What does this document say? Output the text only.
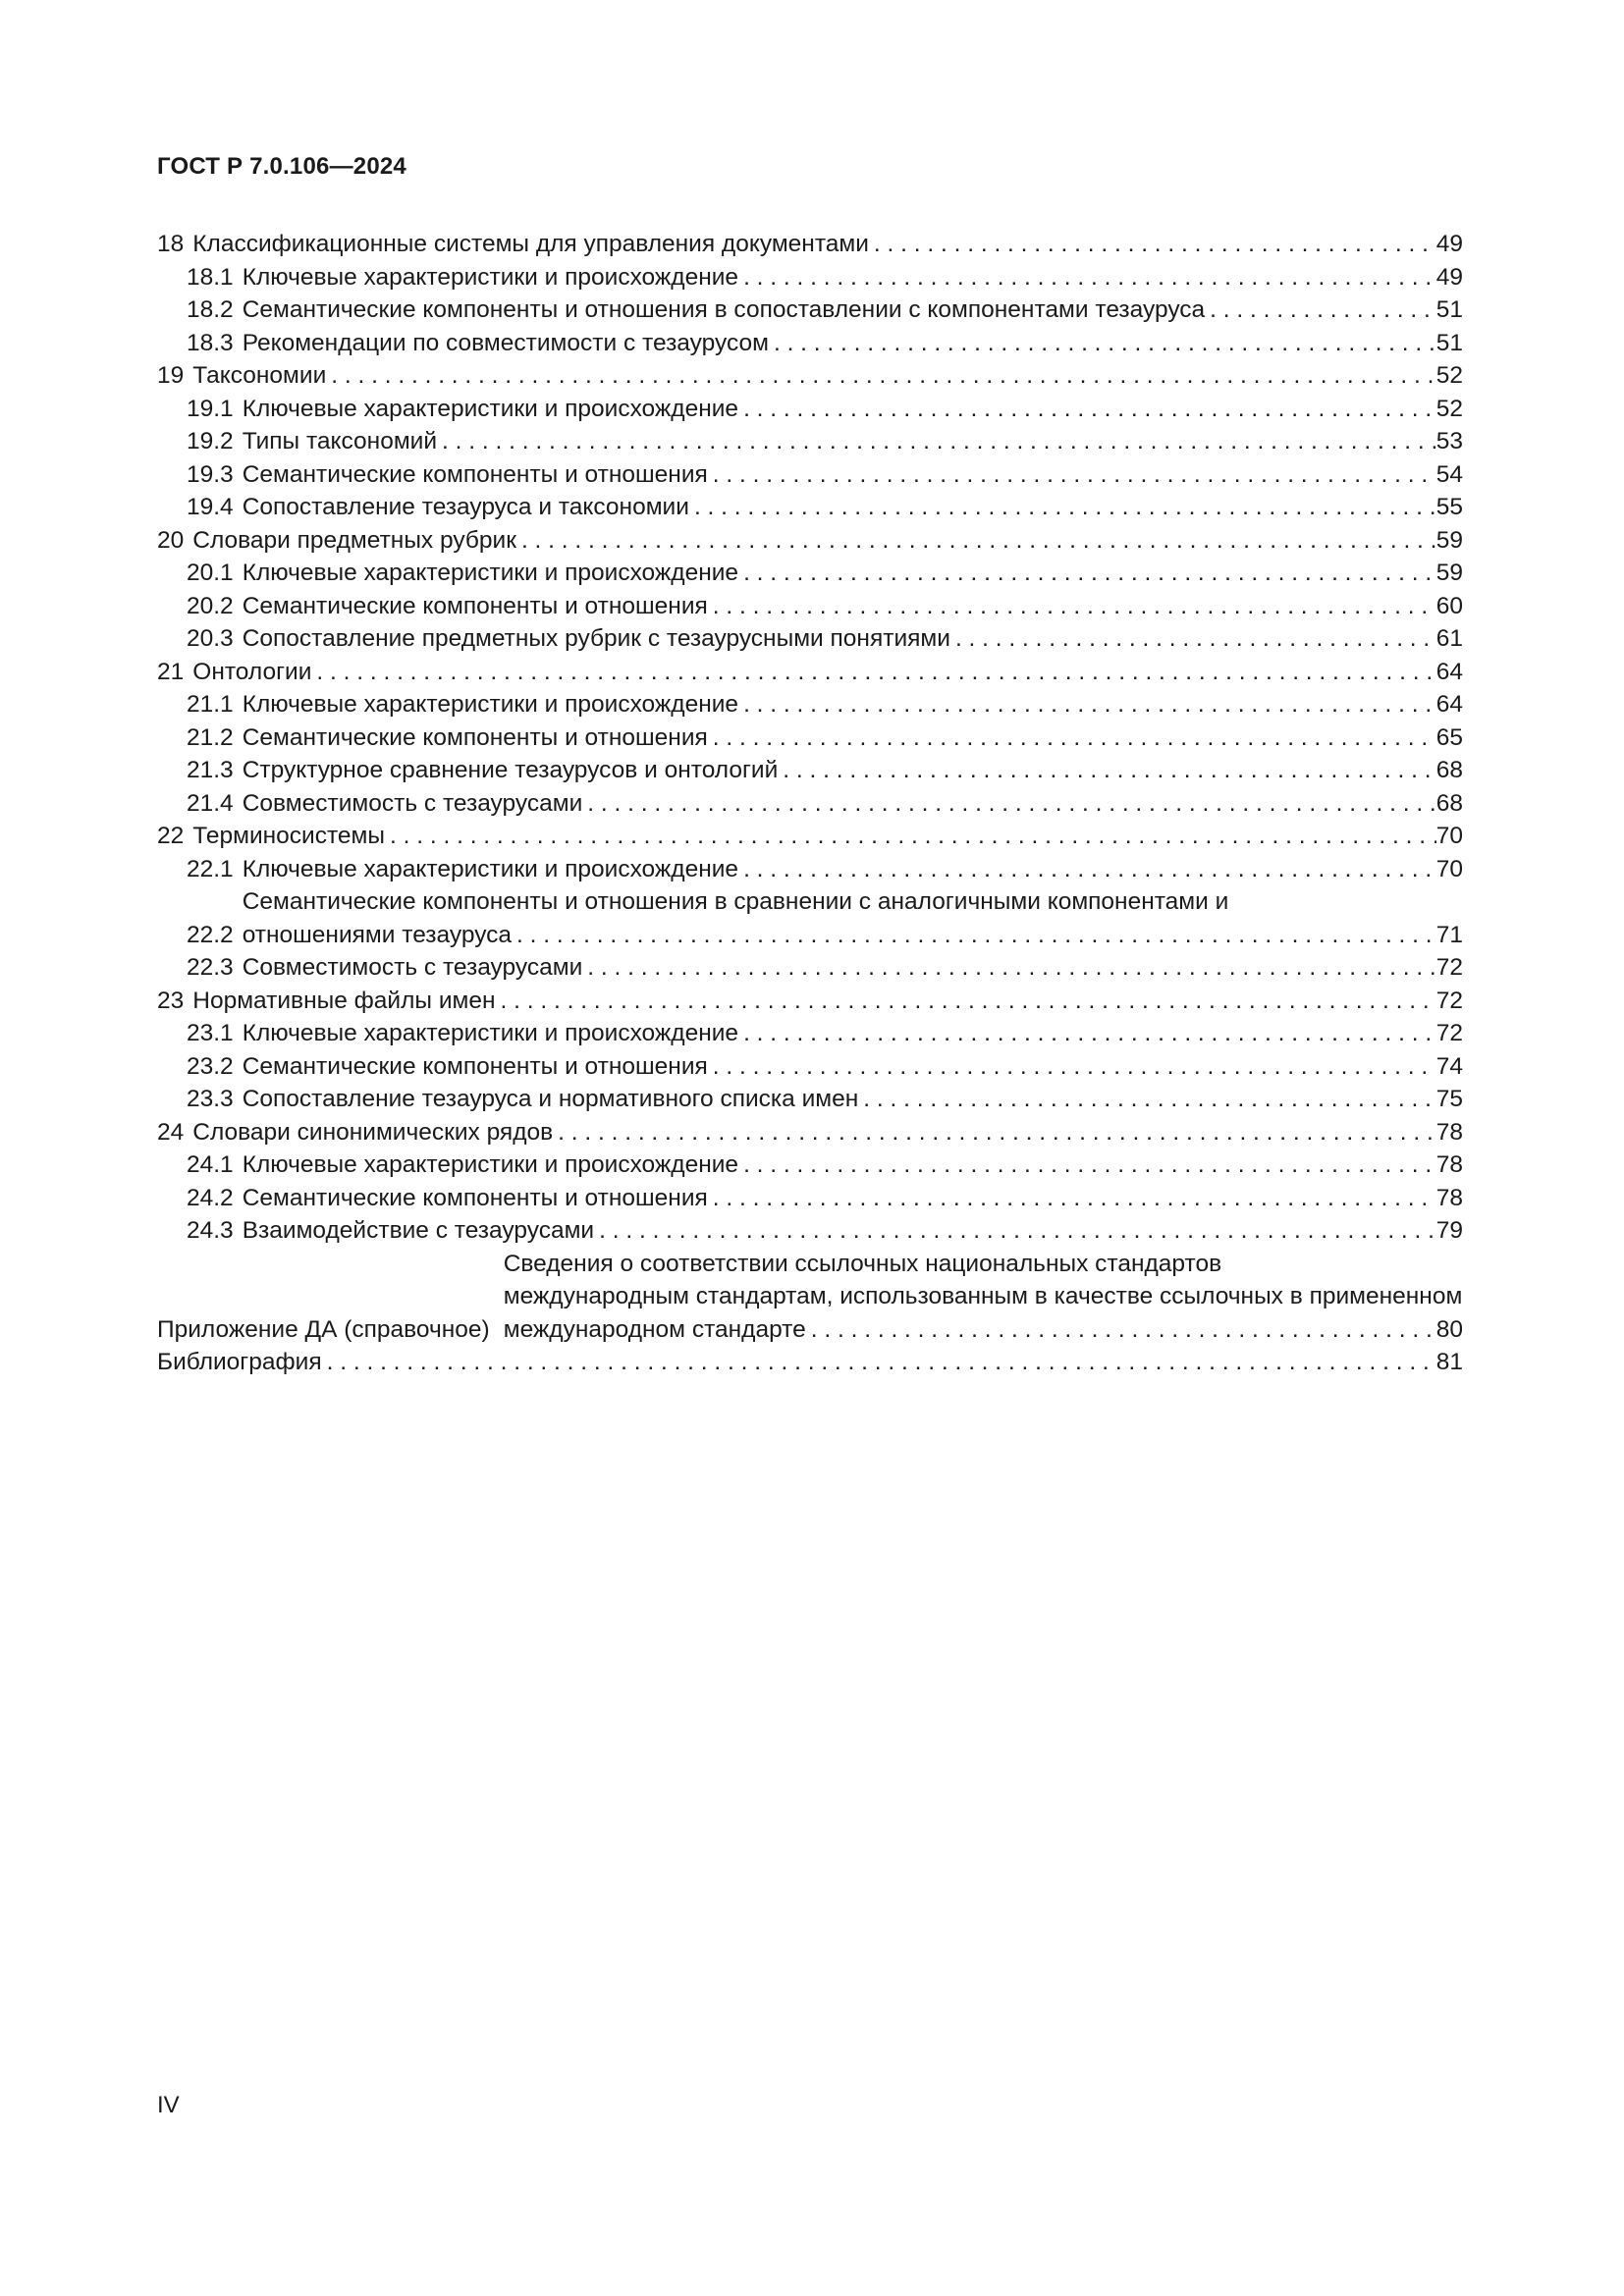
ГОСТ Р 7.0.106—2024
18 Классификационные системы для управления документами . . .	49
18.1 Ключевые характеристики и происхождение . . .	49
18.2 Семантические компоненты и отношения в сопоставлении с компонентами тезауруса . . .	51
18.3 Рекомендации по совместимости с тезаурусом . . .	51
19 Таксономии . . .	52
19.1 Ключевые характеристики и происхождение . . .	52
19.2 Типы таксономий . . .	53
19.3 Семантические компоненты и отношения . . .	54
19.4 Сопоставление тезауруса и таксономии . . .	55
20 Словари предметных рубрик . . .	59
20.1 Ключевые характеристики и происхождение . . .	59
20.2 Семантические компоненты и отношения . . .	60
20.3 Сопоставление предметных рубрик с тезаурусными понятиями . . .	61
21 Онтологии . . .	64
21.1 Ключевые характеристики и происхождение . . .	64
21.2 Семантические компоненты и отношения . . .	65
21.3 Структурное сравнение тезаурусов и онтологий . . .	68
21.4 Совместимость с тезаурусами . . .	68
22 Терминосистемы . . .	70
22.1 Ключевые характеристики и происхождение . . .	70
22.2
Семантические компоненты и отношения в сравнении с аналогичными компонентами и
отношениями тезауруса . . .	71
22.3 Совместимость с тезаурусами . . .	72
23 Нормативные файлы имен . . .	72
23.1 Ключевые характеристики и происхождение . . .	72
23.2 Семантические компоненты и отношения . . .	74
23.3 Сопоставление тезауруса и нормативного списка имен . . .	75
24 Словари синонимических рядов . . .	78
24.1 Ключевые характеристики и происхождение . . .	78
24.2 Семантические компоненты и отношения . . .	78
24.3 Взаимодействие с тезаурусами . . .	79
Приложение ДА (справочное)
Сведения о соответствии ссылочных национальных стандартов
международным стандартам, использованным в качестве ссылочных в примененном
международном стандарте . . .	80
Библиография . . .	81
IV
